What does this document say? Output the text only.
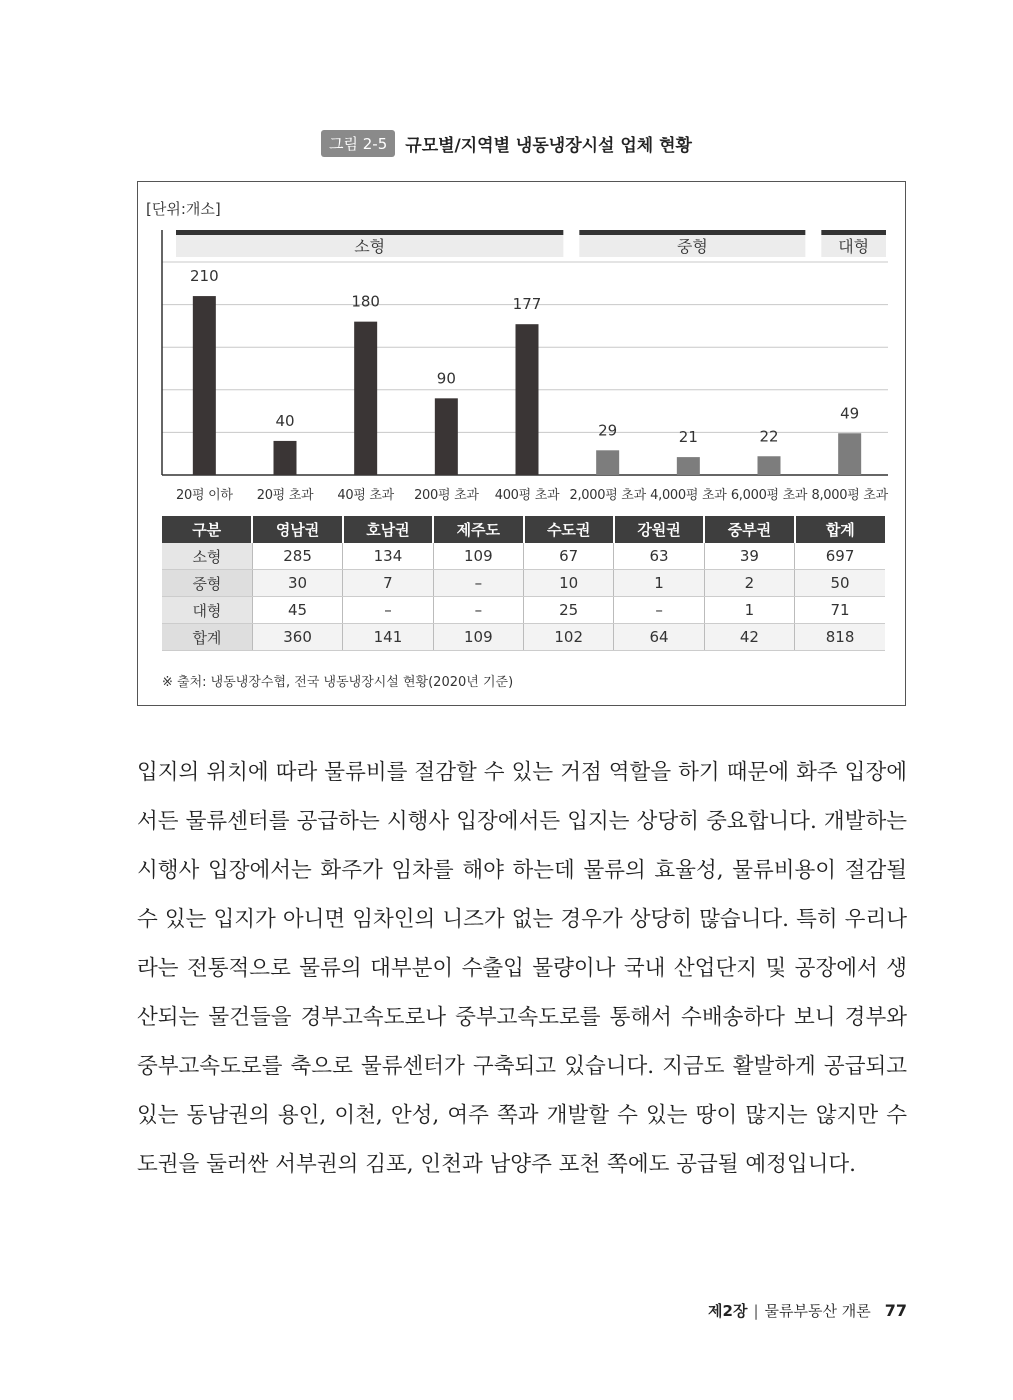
그림 2-5	규모별/지역별 냉동냉장시설 업체 현황
[단위:개소]
소형	중형	대형
210
20평 이하
40
20평 초과
180
40평 초과
90
200평 초과
177
400평 초과
29
2,000평 초과
21
4,000평 초과
22
6,000평 초과
49
8,000평 초과
구분	영남권	호남권	제주도	수도권	강원권	중부권	합계
소형	285	134	109	67	63	39	697
중형	30	7	–	10	1	2	50
대형	45	–	–	25	–	1	71
합계	360	141	109	102	64	42	818
※ 출처: 냉동냉장수협, 전국 냉동냉장시설 현황(2020년 기준)

입지의 위치에 따라 물류비를 절감할 수 있는 거점 역할을 하기 때문에 화주 입장에서든 물류센터를 공급하는 시행사 입장에서든 입지는 상당히 중요합니다. 개발하는 시행사 입장에서는 화주가 임차를 해야 하는데 물류의 효율성, 물류비용이 절감될 수 있는 입지가 아니면 임차인의 니즈가 없는 경우가 상당히 많습니다. 특히 우리나라는 전통적으로 물류의 대부분이 수출입 물량이나 국내 산업단지 및 공장에서 생산되는 물건들을 경부고속도로나 중부고속도로를 통해서 수배송하다 보니 경부와 중부고속도로를 축으로 물류센터가 구축되고 있습니다. 지금도 활발하게 공급되고 있는 동남권의 용인, 이천, 안성, 여주 쪽과 개발할 수 있는 땅이 많지는 않지만 수도권을 둘러싼 서부권의 김포, 인천과 남양주 포천 쪽에도 공급될 예정입니다.

제2장 | 물류부동산 개론 77
